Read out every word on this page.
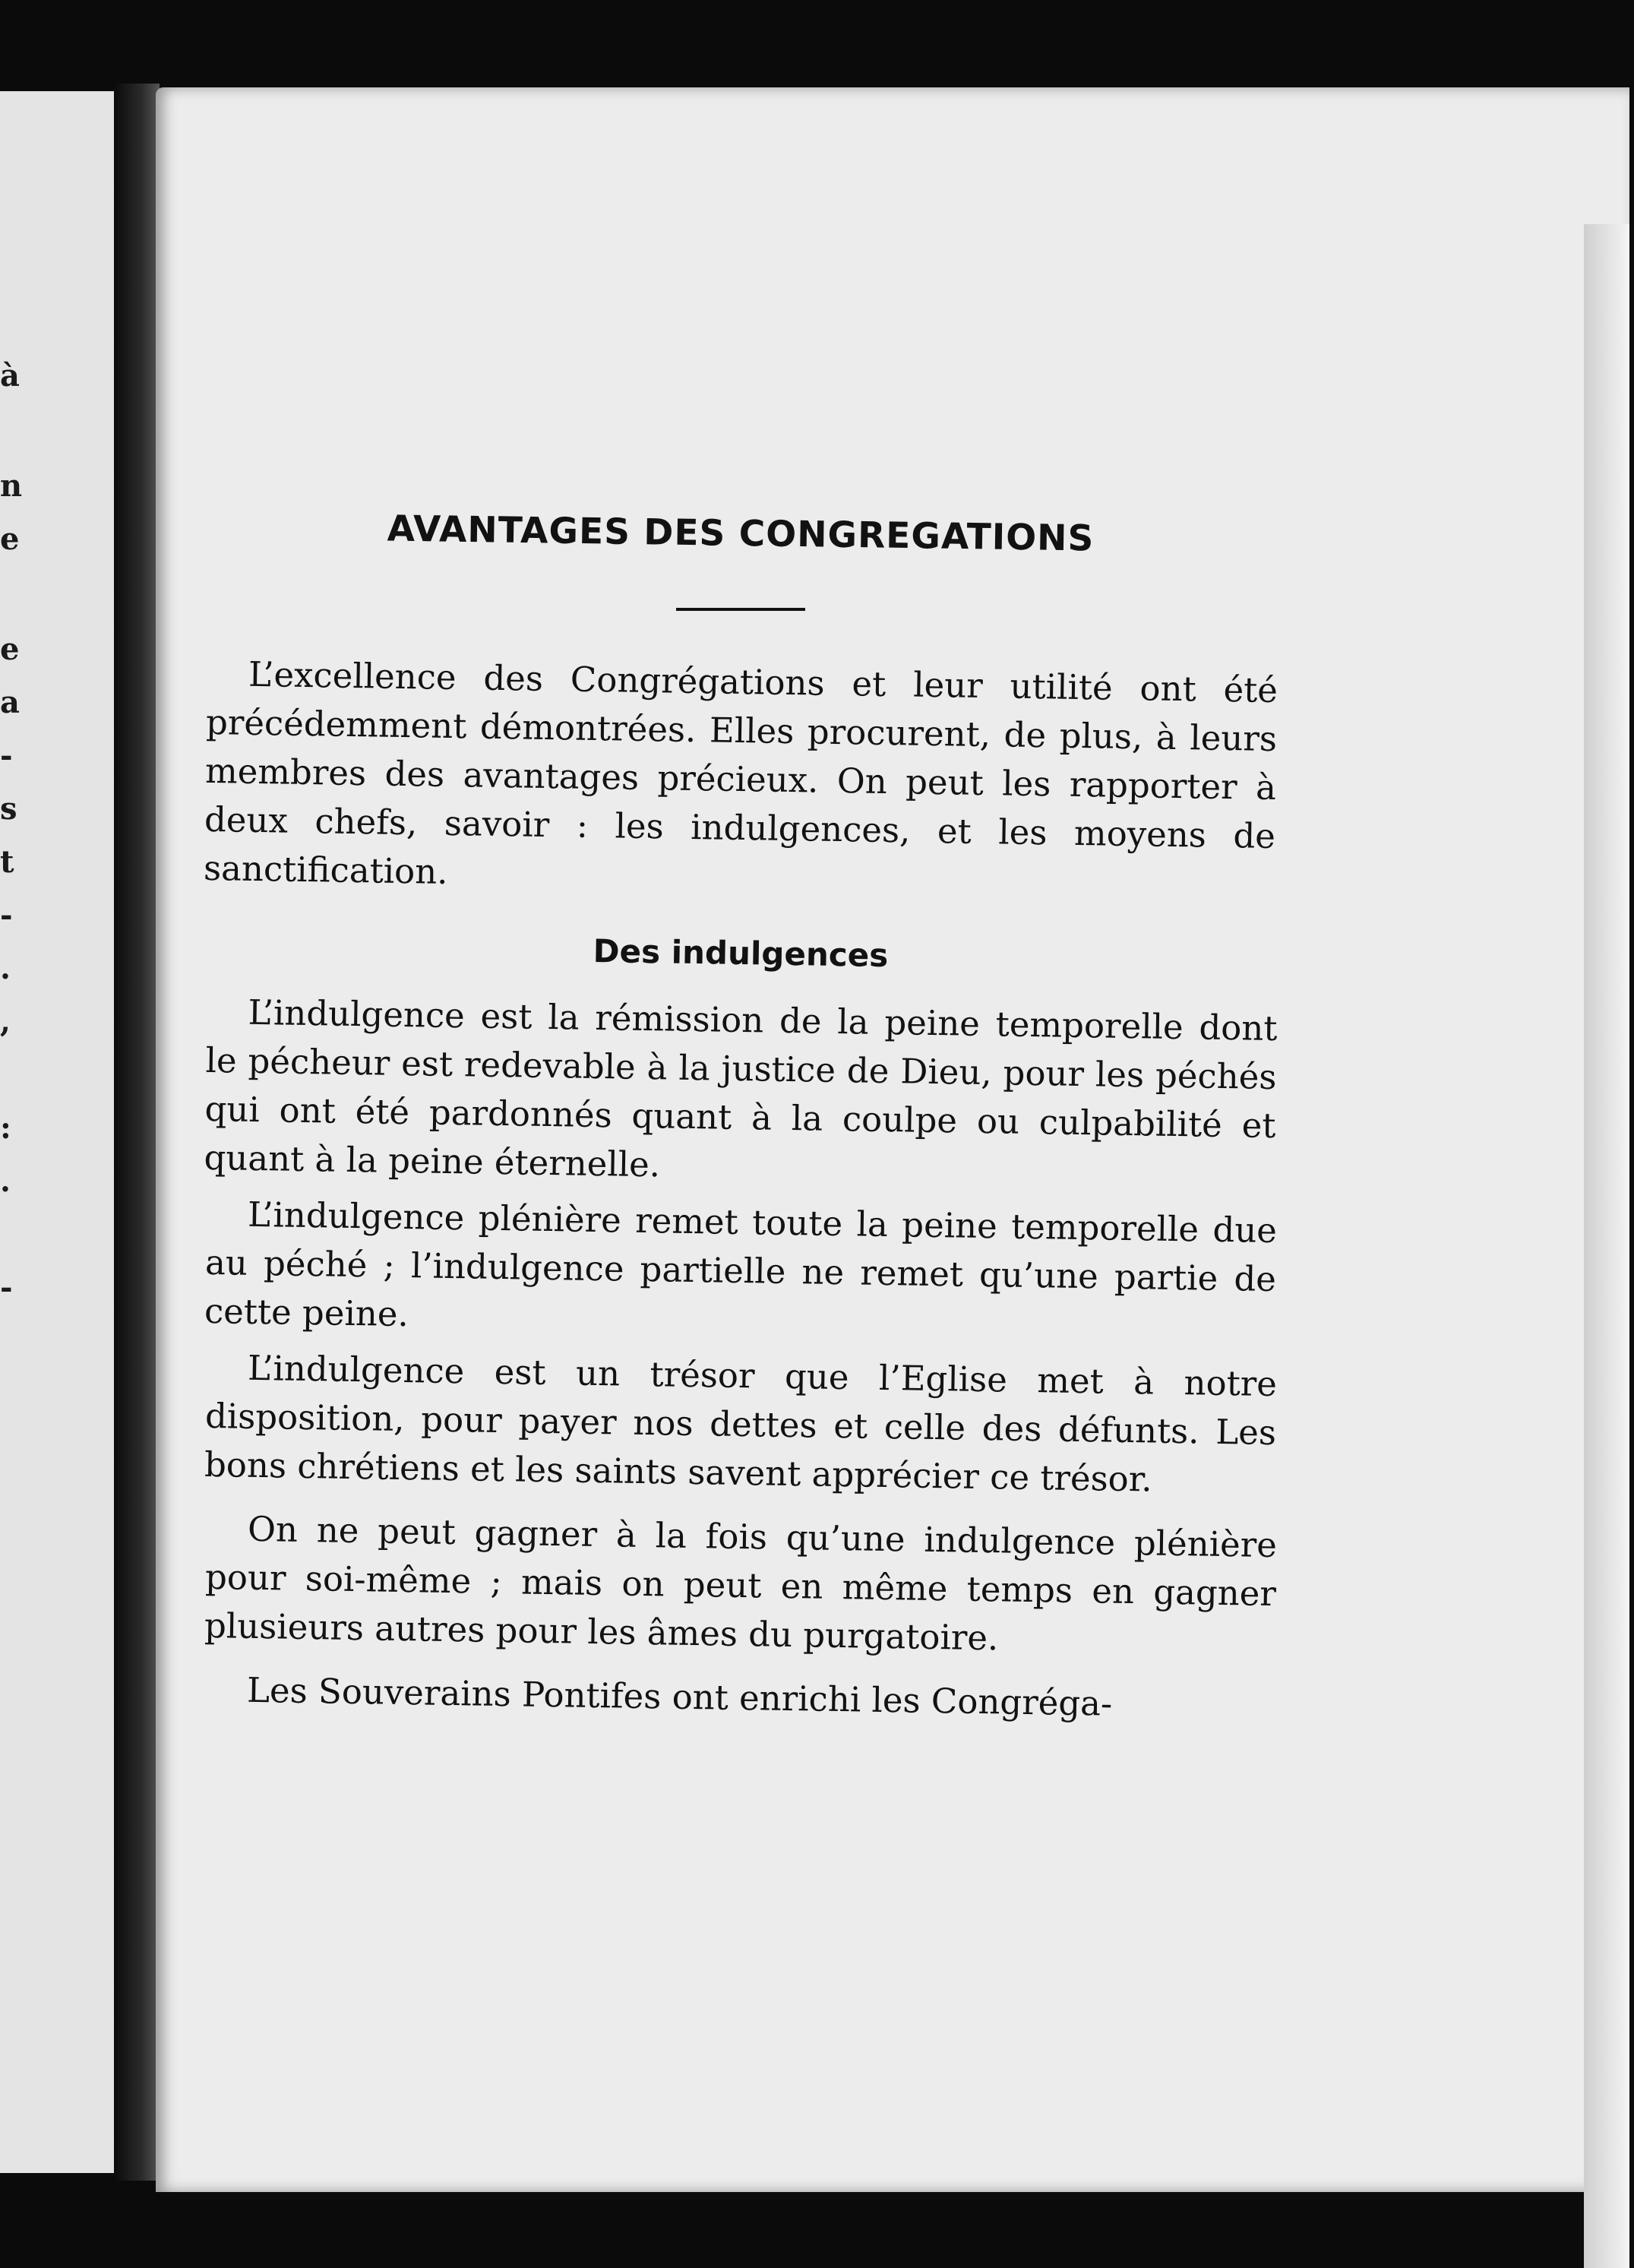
à
n
e
e
a
-
s
t
-
.
,
:
.
-
AVANTAGES DES CONGREGATIONS

L’excellence des Congrégations et leur utilité ont été précédemment démontrées. Elles procurent, de plus, à leurs membres des avantages précieux. On peut les rapporter à deux chefs, savoir : les indulgences, et les moyens de sanctification.

Des indulgences

L’indulgence est la rémission de la peine temporelle dont le pécheur est redevable à la justice de Dieu, pour les péchés qui ont été pardonnés quant à la coulpe ou culpabilité et quant à la peine éternelle.

L’indulgence plénière remet toute la peine temporelle due au péché ; l’indulgence partielle ne remet qu’une partie de cette peine.

L’indulgence est un trésor que l’Eglise met à notre disposition, pour payer nos dettes et celle des défunts. Les bons chrétiens et les saints savent apprécier ce trésor.

On ne peut gagner à la fois qu’une indulgence plénière pour soi-même ; mais on peut en même temps en gagner plusieurs autres pour les âmes du purgatoire.

Les Souverains Pontifes ont enrichi les Congréga-
